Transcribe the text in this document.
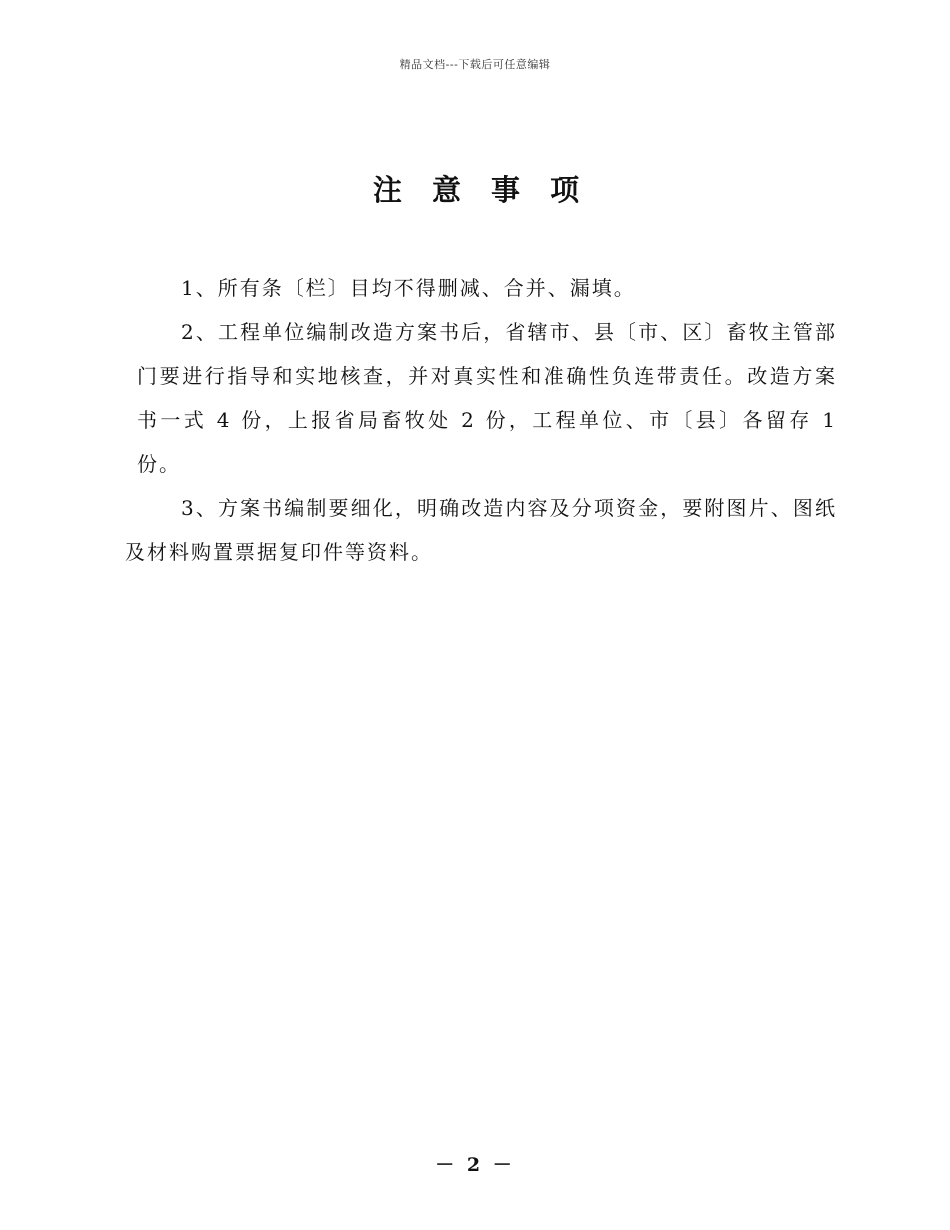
精品文档---下载后可任意编辑
注 意 事 项

1、所有条〔栏〕目均不得删减、合并、漏填。

2、工程单位编制改造方案书后，省辖市、县〔市、区〕畜牧主管部门要进行指导和实地核查，并对真实性和准确性负连带责任。改造方案书一式 4 份，上报省局畜牧处 2 份，工程单位、市〔县〕各留存 1 份。

3、方案书编制要细化，明确改造内容及分项资金，要附图片、图纸及材料购置票据复印件等资料。

－ 2 －
